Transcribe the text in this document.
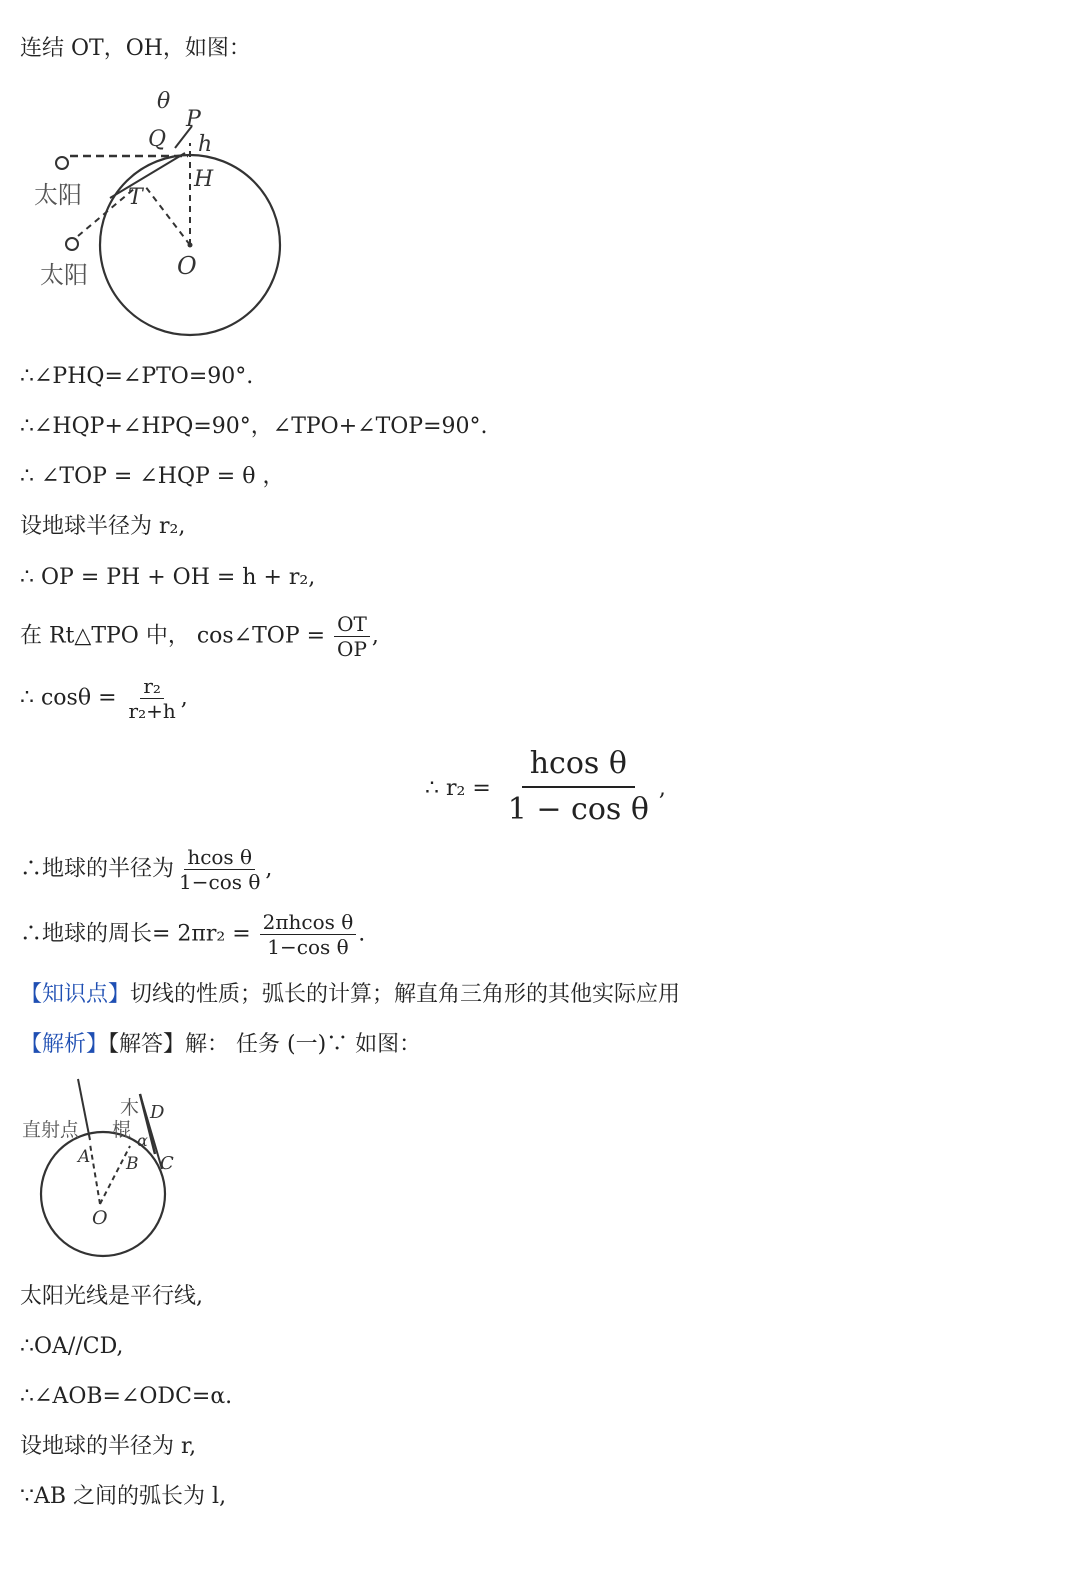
连结 OT，OH，如图：
θ
P
Q h
H
T
O
太阳
太阳
∴∠PHQ=∠PTO=90°.
∴∠HQP+∠HPQ=90°，∠TPO+∠TOP=90°.
∴ ∠TOP = ∠HQP = θ ，
设地球半径为 r₂,
∴ OP = PH + OH = h + r₂,
在 Rt△TPO 中， cos∠TOP = $\frac{OT}{OP}$ ,
∴ $\cos\theta = \frac{\text{r₂}}{\text{r₂+h}}$ ,
∴ $r_2 = \frac{\text{hcos θ}}{\text{1 − cos θ}}$ ,
∴地球的半径为 $\frac{\text{hcos θ}}{\text{1−cos θ}}$ ,
∴地球的周长= $2\pi r_2 = \frac{\text{2πhcos θ}}{\text{1−cos θ}}$ .
【知识点】切线的性质；弧长的计算；解直角三角形的其他实际应用
【解析】【解答】解： 任务 (一)∵ 如图：
直射点
木
棍
D
α
A B C
O
太阳光线是平行线,
∴OA//CD,
∴∠AOB=∠ODC=α.
设地球的半径为 r,
∵AB 之间的弧长为 l,
